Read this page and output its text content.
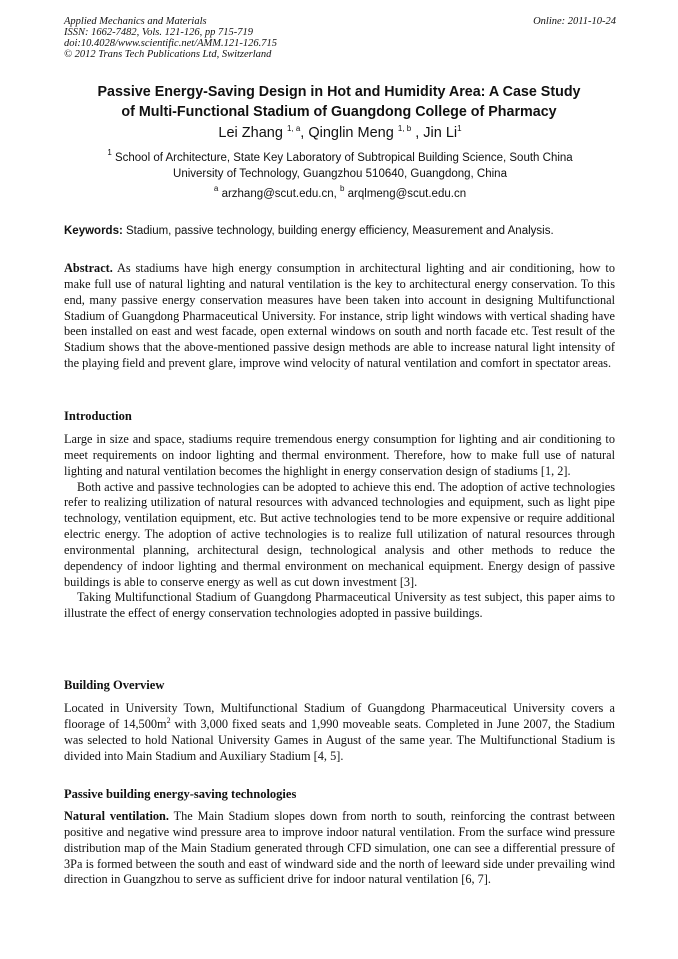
Applied Mechanics and Materials
ISSN: 1662-7482, Vols. 121-126, pp 715-719
doi:10.4028/www.scientific.net/AMM.121-126.715
© 2012 Trans Tech Publications Ltd, Switzerland
Online: 2011-10-24
Passive Energy-Saving Design in Hot and Humidity Area: A Case Study
of Multi-Functional Stadium of Guangdong College of Pharmacy
Lei Zhang $^{1, a}$, Qinglin Meng $^{1, b}$ , Jin Li$^1$
$^1$ School of Architecture, State Key Laboratory of Subtropical Building Science, South China
University of Technology, Guangzhou 510640, Guangdong, China
$^a$ arzhang@scut.edu.cn, $^b$ arqlmeng@scut.edu.cn
Keywords: Stadium, passive technology, building energy efficiency, Measurement and Analysis.
Abstract. As stadiums have high energy consumption in architectural lighting and air conditioning, how to make full use of natural lighting and natural ventilation is the key to architectural energy conservation. To this end, many passive energy conservation measures have been taken into account in designing Multifunctional Stadium of Guangdong Pharmaceutical University. For instance, strip light windows with vertical shading have been installed on east and west facade, open external windows on south and north facade etc. Test result of the Stadium shows that the above-mentioned passive design methods are able to increase natural light intensity of the playing field and prevent glare, improve wind velocity of natural ventilation and comfort in spectator areas.
Introduction

Large in size and space, stadiums require tremendous energy consumption for lighting and air conditioning to meet requirements on indoor lighting and thermal environment. Therefore, how to make full use of natural lighting and natural ventilation becomes the highlight in energy conservation design of stadiums [1, 2].

Both active and passive technologies can be adopted to achieve this end. The adoption of active technologies refer to realizing utilization of natural resources with advanced technologies and equipment, such as light pipe technology, ventilation equipment, etc. But active technologies tend to be more expensive or require additional electric energy. The adoption of active technologies is to realize full utilization of natural resources through environmental planning, architectural design, technological analysis and other methods to reduce the dependency of indoor lighting and thermal environment on mechanical equipment. Energy design of passive buildings is able to conserve energy as well as cut down investment [3].

Taking Multifunctional Stadium of Guangdong Pharmaceutical University as test subject, this paper aims to illustrate the effect of energy conservation technologies adopted in passive buildings.

Building Overview
Located in University Town, Multifunctional Stadium of Guangdong Pharmaceutical University covers a floorage of $14,500m^2$ with 3,000 fixed seats and 1,990 moveable seats. Completed in June 2007, the Stadium was selected to hold National University Games in August of the same year. The Multifunctional Stadium is divided into Main Stadium and Auxiliary Stadium [4, 5].
Passive building energy-saving technologies
Natural ventilation. The Main Stadium slopes down from north to south, reinforcing the contrast between positive and negative wind pressure area to improve indoor natural ventilation. From the surface wind pressure distribution map of the Main Stadium generated through CFD simulation, one can see a differential pressure of 3Pa is formed between the south and east of windward side and the north of leeward side under prevailing wind direction in Guangzhou to serve as sufficient drive for indoor natural ventilation [6, 7].
